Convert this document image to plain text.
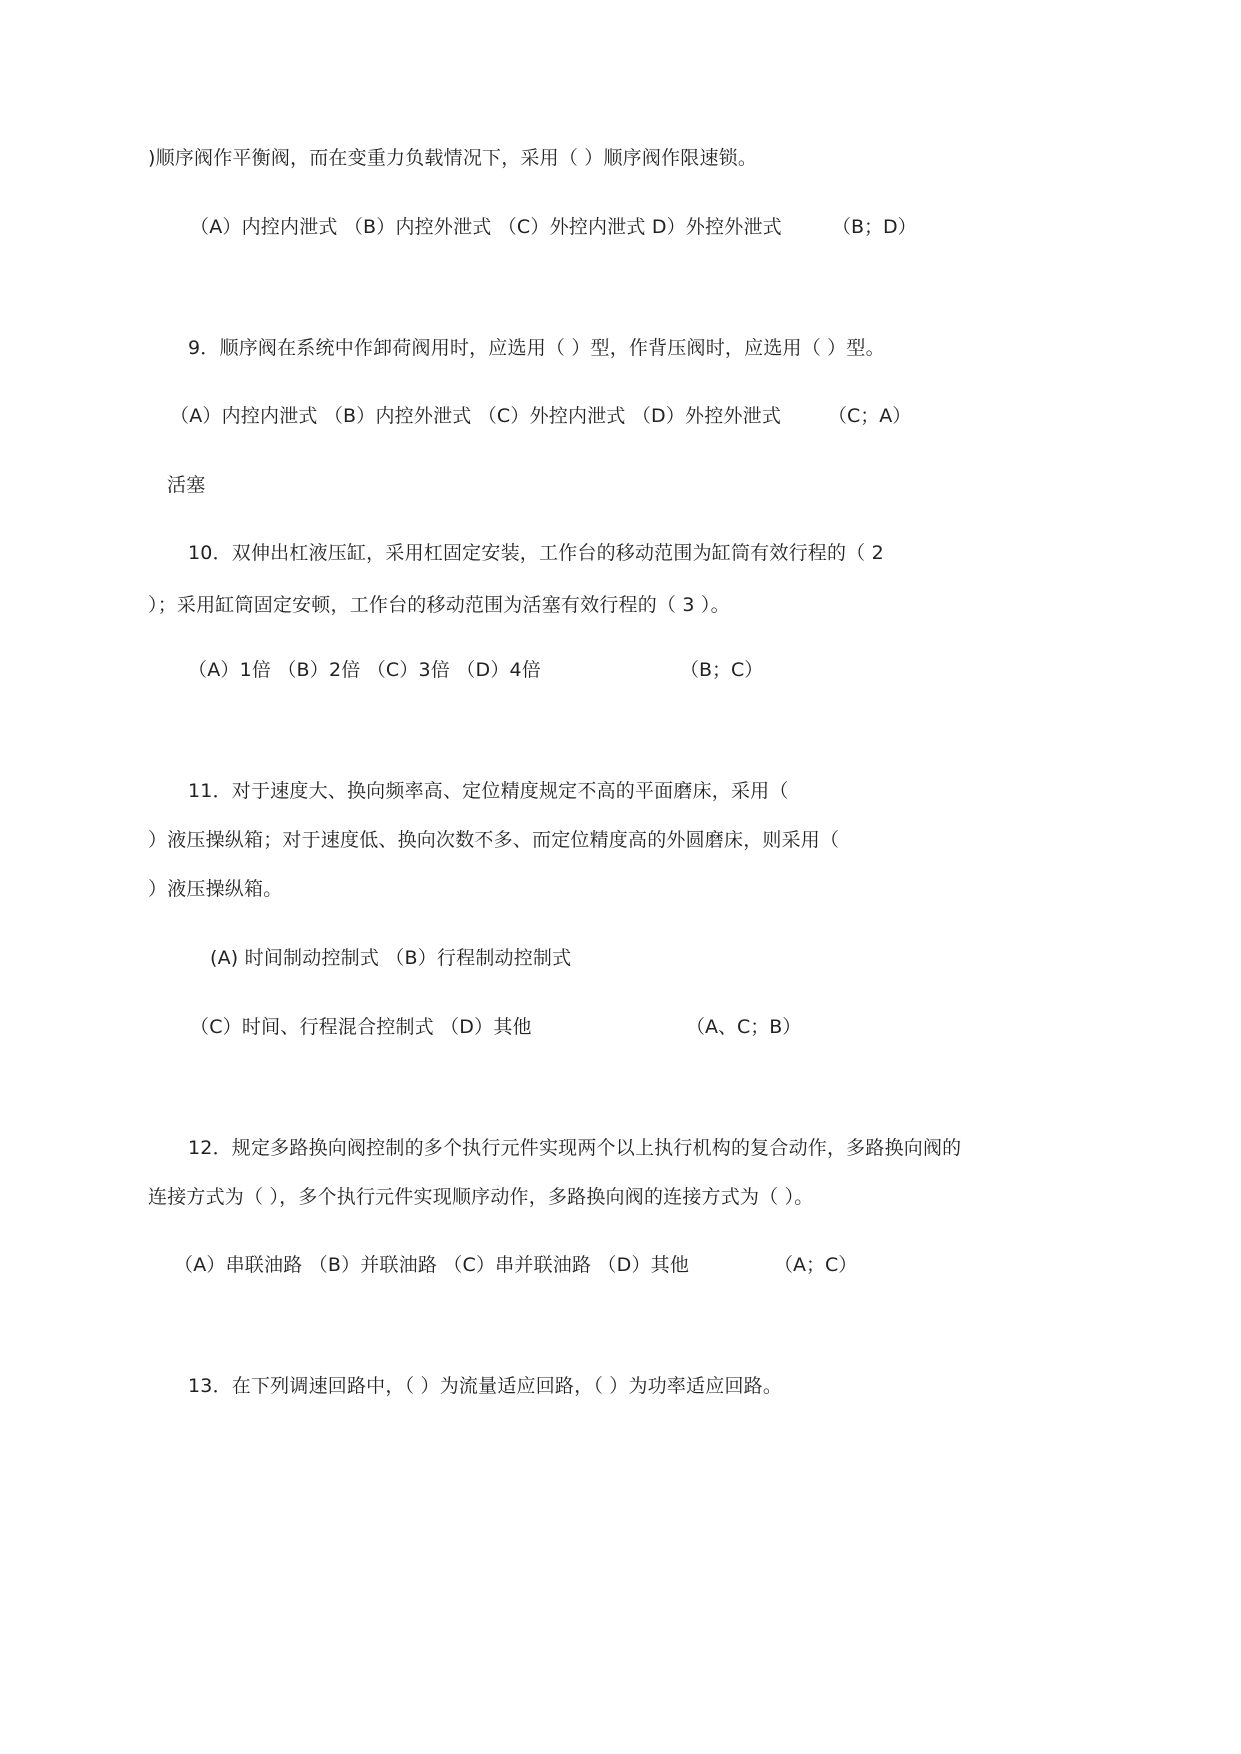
)顺序阀作平衡阀，而在变重力负载情况下，采用（ ）顺序阀作限速锁。
（A）内控内泄式 （B）内控外泄式 （C）外控内泄式 D）外控外泄式	（B；D）
9．顺序阀在系统中作卸荷阀用时，应选用（ ）型，作背压阀时，应选用（ ）型。
（A）内控内泄式 （B）内控外泄式 （C）外控内泄式 （D）外控外泄式 （C；A）
活塞
10．双伸出杠液压缸，采用杠固定安装，工作台的移动范围为缸筒有效行程的（ 2
）；采用缸筒固定安顿，工作台的移动范围为活塞有效行程的（ 3 ）。
（A）1倍 （B）2倍 （C）3倍 （D）4倍	（B；C）
11．对于速度大、换向频率高、定位精度规定不高的平面磨床，采用（
）液压操纵箱；对于速度低、换向次数不多、而定位精度高的外圆磨床，则采用（
）液压操纵箱。
(A) 时间制动控制式 （B）行程制动控制式
（C）时间、行程混合控制式 （D）其他	（A、C；B）
12．规定多路换向阀控制的多个执行元件实现两个以上执行机构的复合动作，多路换向阀的
连接方式为（ ），多个执行元件实现顺序动作，多路换向阀的连接方式为（ ）。
（A）串联油路 （B）并联油路 （C）串并联油路 （D）其他	（A；C）
13．在下列调速回路中，（ ）为流量适应回路，（ ）为功率适应回路。
